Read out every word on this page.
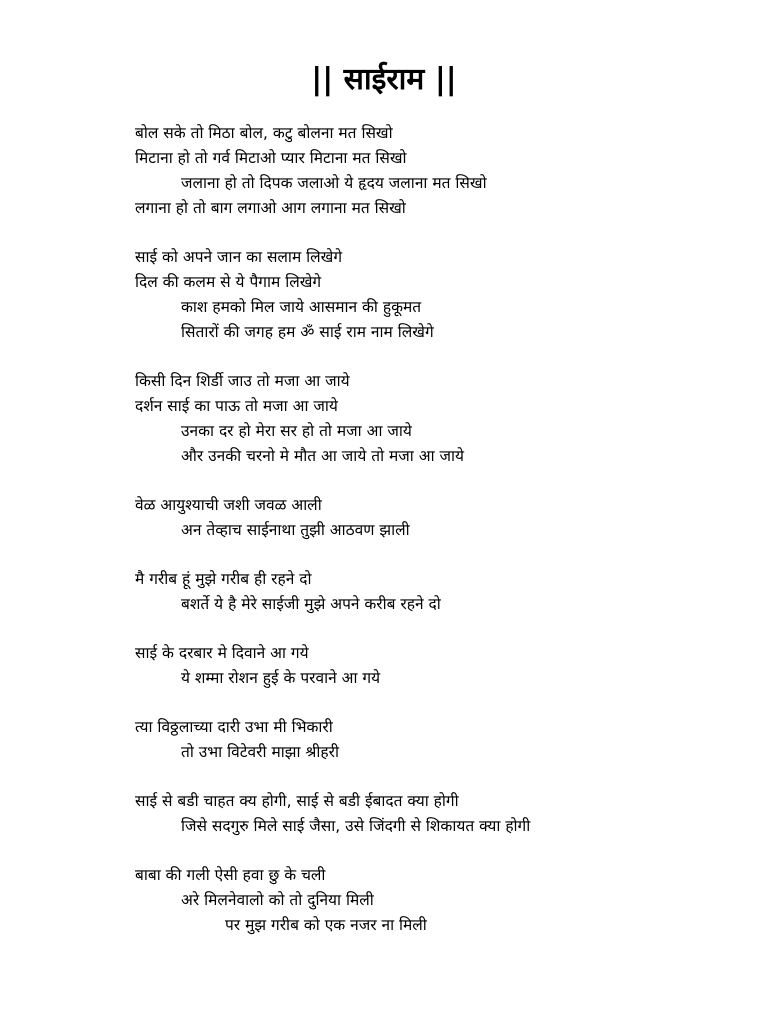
|| साईराम ||
बोल सके तो मिठा बोल, कटु बोलना मत सिखो
मिटाना हो तो गर्व मिटाओ प्यार मिटाना मत सिखो
जलाना हो तो दिपक जलाओ ये हृदय जलाना मत सिखो
लगाना हो तो बाग लगाओ आग लगाना मत सिखो
साई को अपने जान का सलाम लिखेगे
दिल की कलम से ये पैगाम लिखेगे
काश हमको मिल जाये आसमान की हुकूमत
सितारों की जगह हम ॐ साई राम नाम लिखेगे
किसी दिन शिर्डी जाउ तो मजा आ जाये
दर्शन साई का पाऊ तो मजा आ जाये
उनका दर हो मेरा सर हो तो मजा आ जाये
और उनकी चरनो मे मौत आ जाये तो मजा आ जाये
वेळ आयुश्याची जशी जवळ आली
अन तेव्हाच साईनाथा तुझी आठवण झाली
मै गरीब हूं मुझे गरीब ही रहने दो
बशर्ते ये है मेरे साईजी मुझे अपने करीब रहने दो
साई के दरबार मे दिवाने आ गये
ये शम्मा रोशन हुई के परवाने आ गये
त्या विठ्ठलाच्या दारी उभा मी भिकारी
तो उभा विटेवरी माझा श्रीहरी
साई से बडी चाहत क्य होगी, साई से बडी ईबादत क्या होगी
जिसे सदगुरु मिले साई जैसा, उसे जिंदगी से शिकायत क्या होगी
बाबा की गली ऐसी हवा छु के चली
अरे मिलनेवालो को तो दुनिया मिली
पर मुझ गरीब को एक नजर ना मिली
